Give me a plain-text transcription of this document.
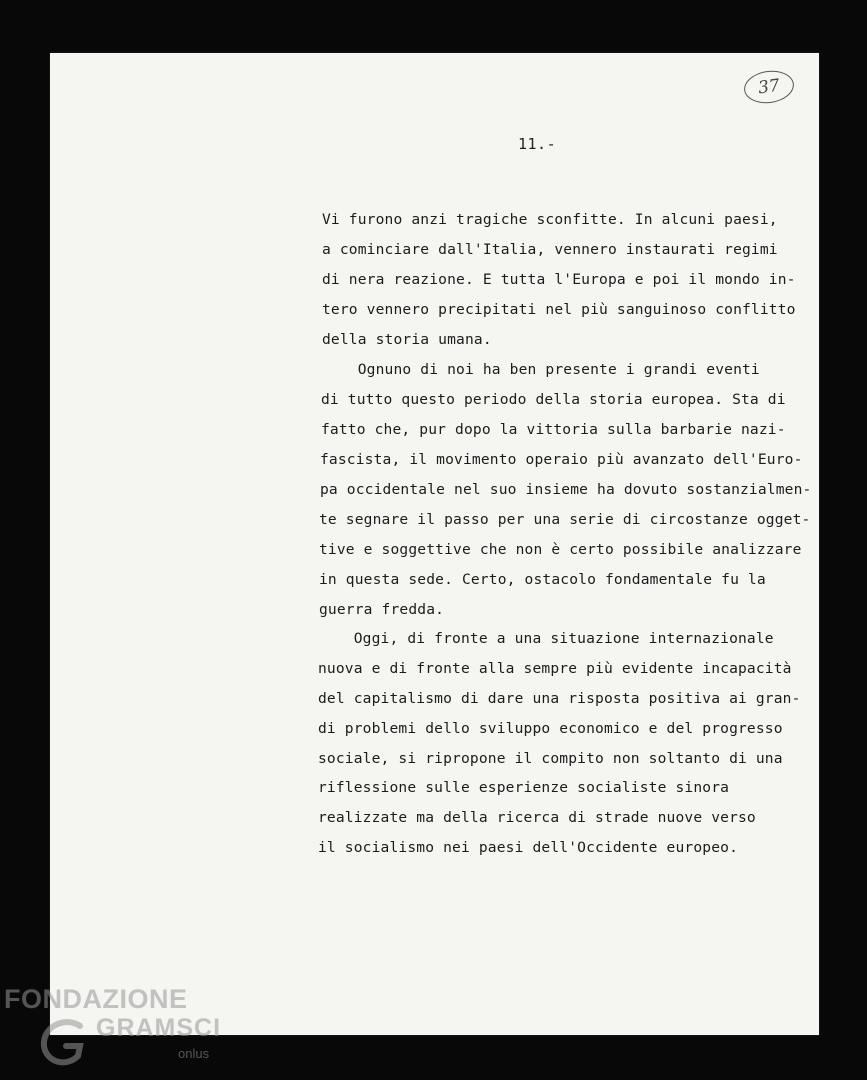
37
11.-
Vi furono anzi tragiche sconfitte. In alcuni paesi,
a cominciare dall'Italia, vennero instaurati regimi
di nera reazione. E tutta l'Europa e poi il mondo in-
tero vennero precipitati nel più sanguinoso conflitto
della storia umana.
Ognuno di noi ha ben presente i grandi eventi
di tutto questo periodo della storia europea. Sta di
fatto che, pur dopo la vittoria sulla barbarie nazi-
fascista, il movimento operaio più avanzato dell'Euro-
pa occidentale nel suo insieme ha dovuto sostanzialmen-
te segnare il passo per una serie di circostanze ogget-
tive e soggettive che non è certo possibile analizzare
in questa sede. Certo, ostacolo fondamentale fu la
guerra fredda.
Oggi, di fronte a una situazione internazionale
nuova e di fronte alla sempre più evidente incapacità
del capitalismo di dare una risposta positiva ai gran-
di problemi dello sviluppo economico e del progresso
sociale, si ripropone il compito non soltanto di una
riflessione sulle esperienze socialiste sinora
realizzate ma della ricerca di strade nuove verso
il socialismo nei paesi dell'Occidente europeo.
FONDAZIONE
GRAMSCI
onlus
